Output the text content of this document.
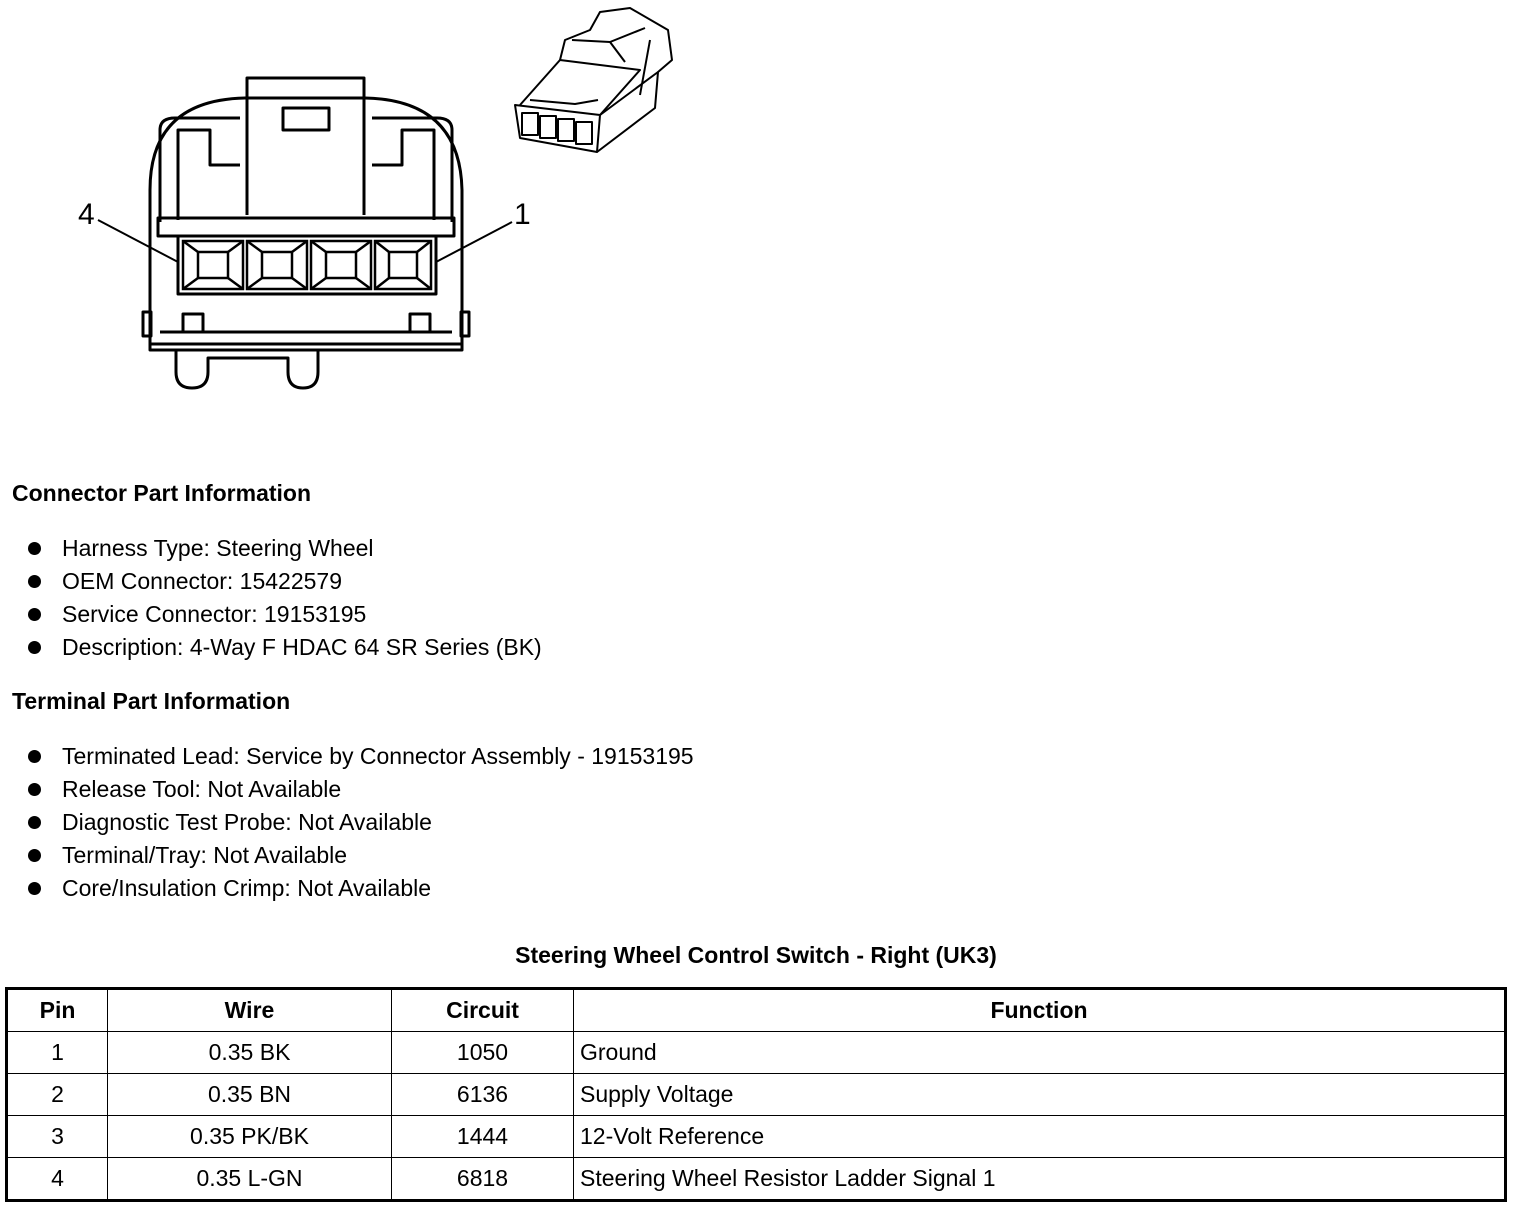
4	1
Connector Part Information
Harness Type: Steering Wheel
OEM Connector: 15422579
Service Connector: 19153195
Description: 4-Way F HDAC 64 SR Series (BK)
Terminal Part Information
Terminated Lead: Service by Connector Assembly - 19153195
Release Tool: Not Available
Diagnostic Test Probe: Not Available
Terminal/Tray: Not Available
Core/Insulation Crimp: Not Available
Steering Wheel Control Switch - Right (UK3)
Pin	Wire	Circuit	Function
1	0.35 BK	1050	Ground
2	0.35 BN	6136	Supply Voltage
3	0.35 PK/BK	1444	12-Volt Reference
4	0.35 L-GN	6818	Steering Wheel Resistor Ladder Signal 1
